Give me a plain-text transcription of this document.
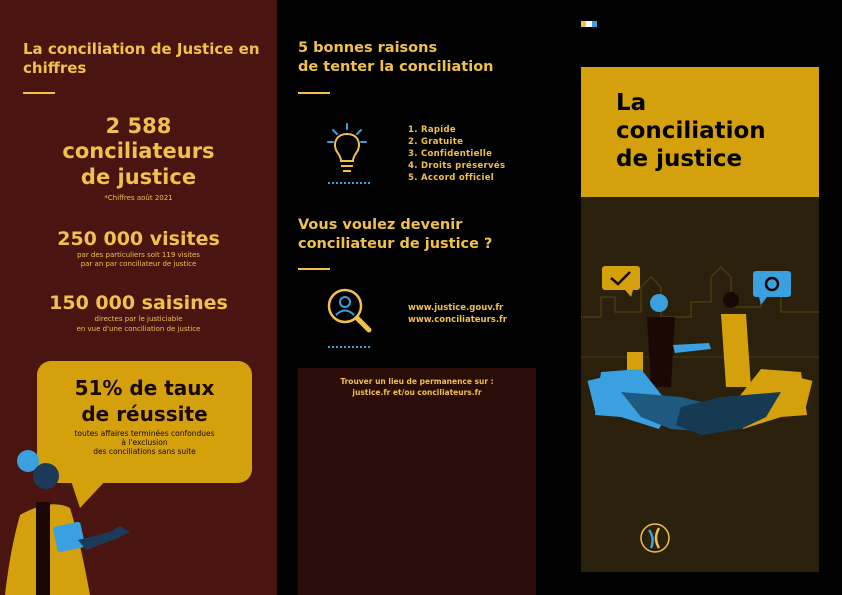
La conciliation de Justice en chiffres
2 588
conciliateurs
de justice
*Chiffres août 2021
250 000 visites
par des particuliers soit 119 visites
par an par conciliateur de justice
150 000 saisines
directes par le justiciable
en vue d'une conciliation de justice
51% de taux
de réussite
toutes affaires terminées confondues
à l'exclusion
des conciliations sans suite
5 bonnes raisons
de tenter la conciliation
1. Rapide
2. Gratuite
3. Confidentielle
4. Droits préservés
5. Accord officiel
Vous voulez devenir
conciliateur de justice ?
www.justice.gouv.fr
www.conciliateurs.fr
Trouver un lieu de permanence sur :
justice.fr et/ou conciliateurs.fr
La
conciliation
de justice
